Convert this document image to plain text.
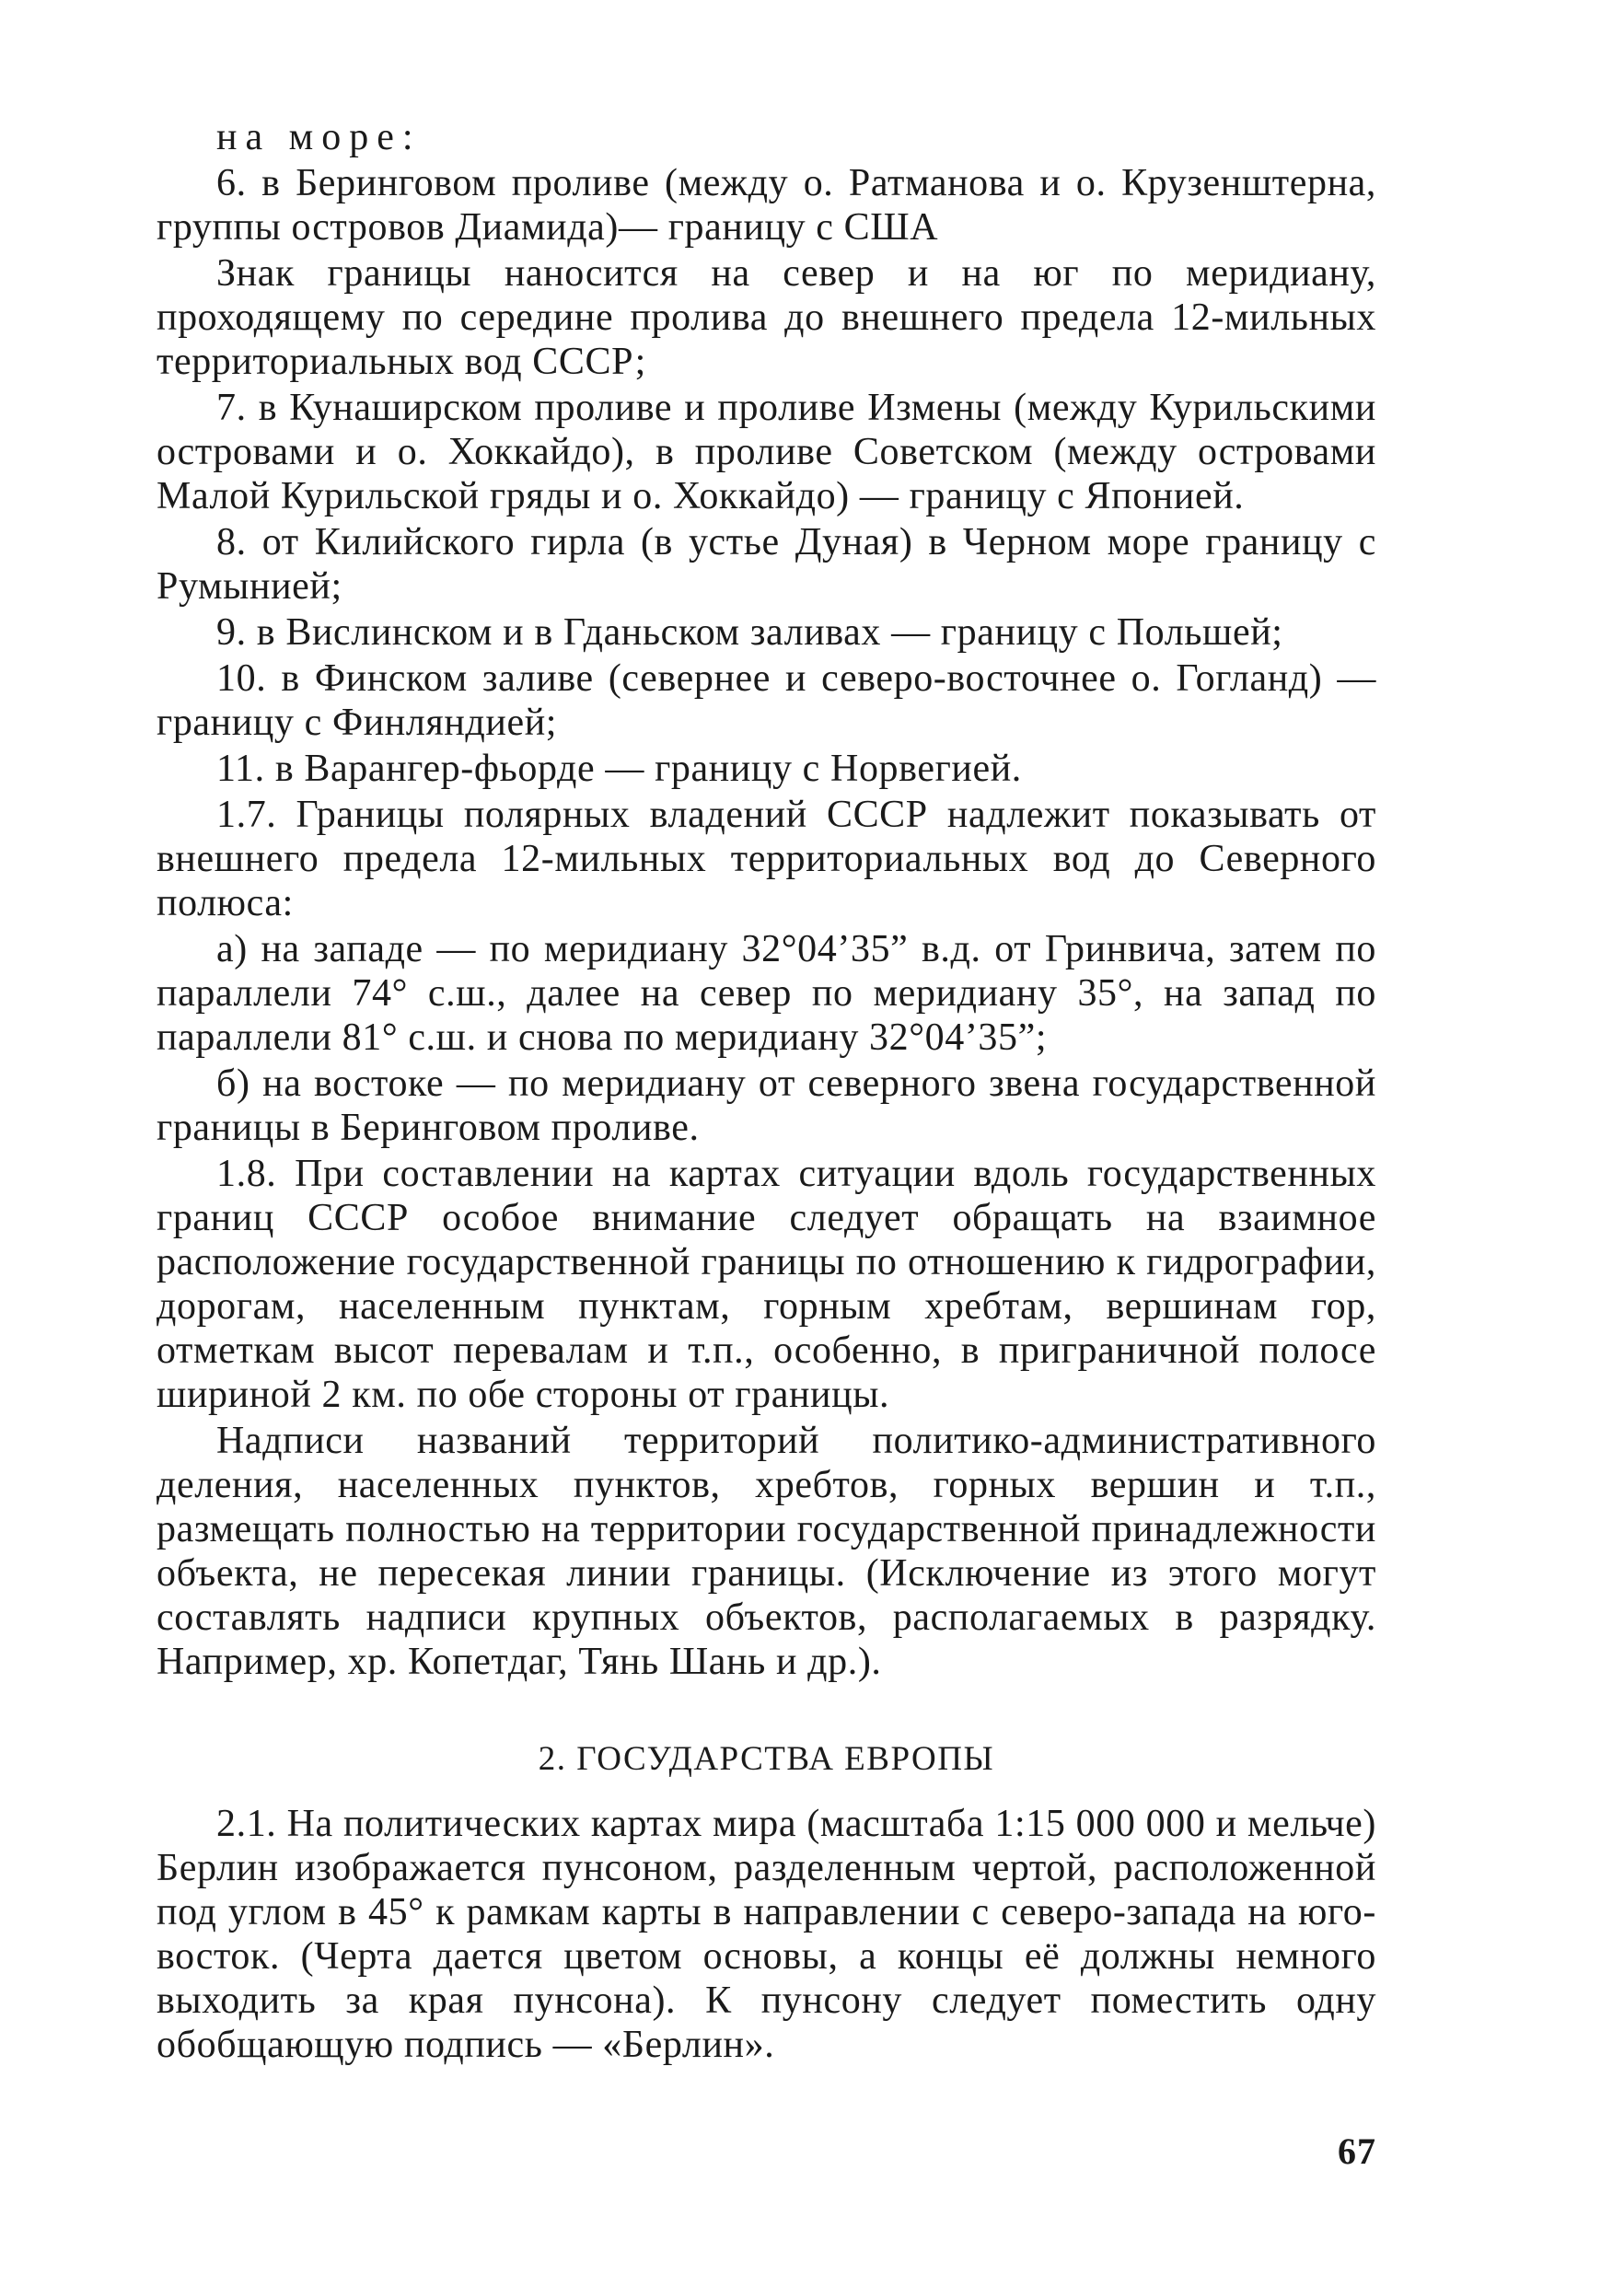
на море:

6. в Беринговом проливе (между о. Ратманова и о. Крузенштерна, группы островов Диамида)— границу с США

Знак границы наносится на север и на юг по меридиану, проходящему по середине пролива до внешнего предела 12-мильных территориальных вод СССР;

7. в Кунаширском проливе и проливе Измены (между Курильскими островами и о. Хоккайдо), в проливе Советском (между островами Малой Курильской гряды и о. Хоккайдо) — границу с Японией.

8. от Килийского гирла (в устье Дуная) в Черном море границу с Румынией;

9. в Вислинском и в Гданьском заливах — границу с Польшей;

10. в Финском заливе (севернее и северо-восточнее о. Гогланд) — границу с Финляндией;

11. в Варангер-фьорде — границу с Норвегией.

1.7. Границы полярных владений СССР надлежит показывать от внешнего предела 12-мильных территориальных вод до Северного полюса:

а) на западе — по меридиану 32°04’35” в.д. от Гринвича, затем по параллели 74° с.ш., далее на север по меридиану 35°, на запад по параллели 81° с.ш. и снова по меридиану 32°04’35”;

б) на востоке — по меридиану от северного звена государственной границы в Беринговом проливе.

1.8. При составлении на картах ситуации вдоль государственных границ СССР особое внимание следует обращать на взаимное расположение государственной границы по отношению к гидрографии, дорогам, населенным пунктам, горным хребтам, вершинам гор, отметкам высот перевалам и т.п., особенно, в приграничной полосе шириной 2 км. по обе стороны от границы.

Надписи названий территорий политико-административного деления, населенных пунктов, хребтов, горных вершин и т.п., размещать полностью на территории государственной принадлежности объекта, не пересекая линии границы. (Исключение из этого могут составлять надписи крупных объектов, располагаемых в разрядку. Например, хр. Копетдаг, Тянь Шань и др.).

2. ГОСУДАРСТВА ЕВРОПЫ

2.1. На политических картах мира (масштаба 1:15 000 000 и мельче) Берлин изображается пунсоном, разделенным чертой, расположенной под углом в 45° к рамкам карты в направлении с северо-запада на юго-восток. (Черта дается цветом основы, а концы её должны немного выходить за края пунсона). К пунсону следует поместить одну обобщающую подпись — «Берлин».

67
